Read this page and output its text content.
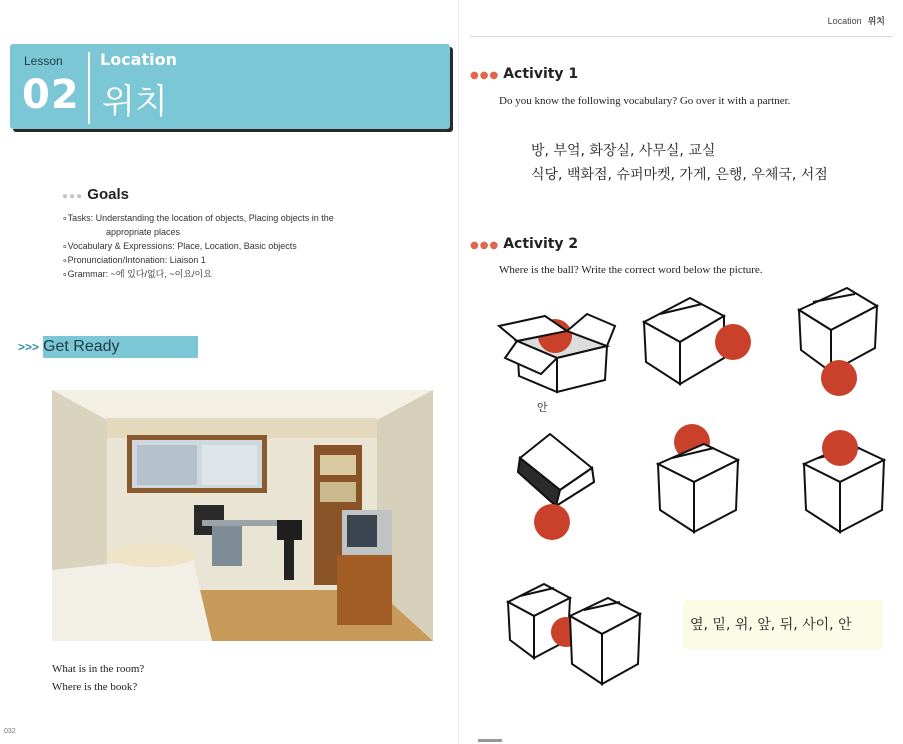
Lesson
02
Location
위치
●●● Goals
∘Tasks: Understanding the location of objects, Placing objects in the
appropriate places
∘Vocabulary & Expressions: Place, Location, Basic objects
∘Pronunciation/Intonation: Liaison 1
∘Grammar: ~에 있다/없다, ~이요/이요
>>> Get Ready
What is in the room?
Where is the book?
032
Location 위치
●●● Activity 1
Do you know the following vocabulary? Go over it with a partner.
방, 부엌, 화장실, 사무실, 교실
식당, 백화점, 슈퍼마켓, 가게, 은행, 우체국, 서점
●●● Activity 2
Where is the ball? Write the correct word below the picture.
안
옆, 밑, 위, 앞, 뒤, 사이, 안
